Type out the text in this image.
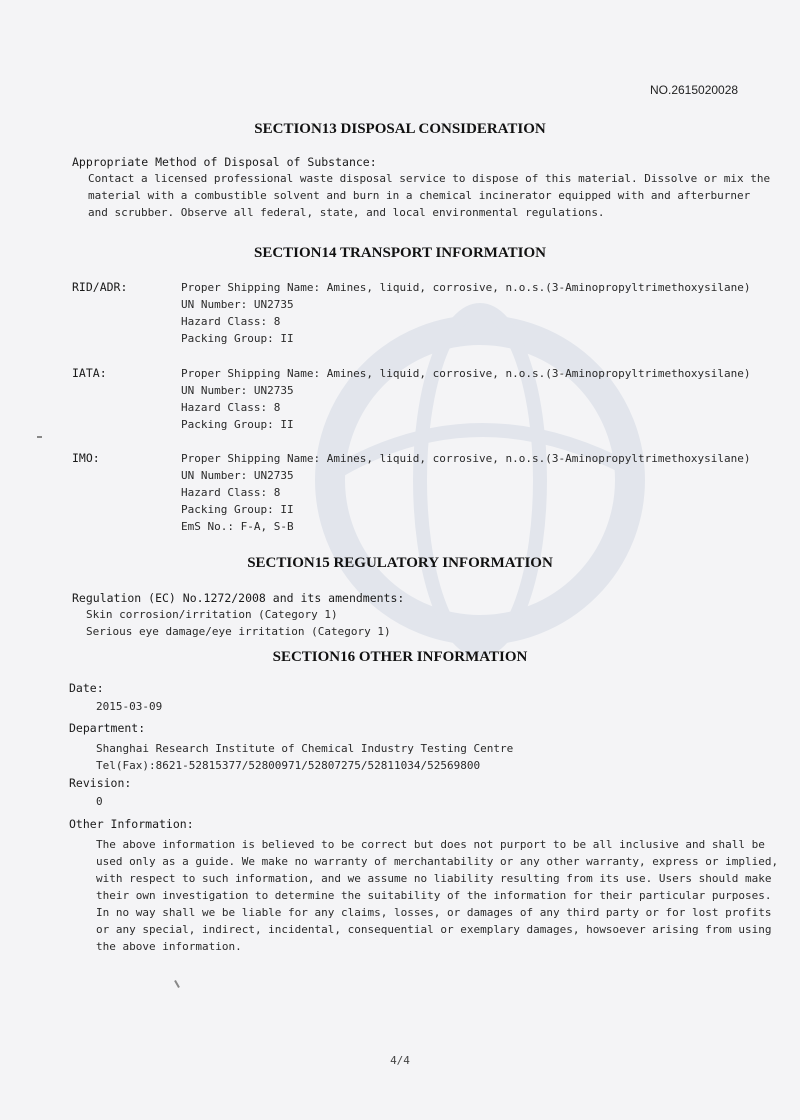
NO.2615020028
SECTION13 DISPOSAL CONSIDERATION
Appropriate Method of Disposal of Substance:
Contact a licensed professional waste disposal service to dispose of this material. Dissolve or mix the
material with a combustible solvent and burn in a chemical incinerator equipped with and afterburner
and scrubber. Observe all federal, state, and local environmental regulations.
SECTION14 TRANSPORT INFORMATION
RID/ADR:	Proper Shipping Name: Amines, liquid, corrosive, n.o.s.(3-Aminopropyltrimethoxysilane)
UN Number: UN2735
Hazard Class: 8
Packing Group: II
IATA:	Proper Shipping Name: Amines, liquid, corrosive, n.o.s.(3-Aminopropyltrimethoxysilane)
UN Number: UN2735
Hazard Class: 8
Packing Group: II
IMO:	Proper Shipping Name: Amines, liquid, corrosive, n.o.s.(3-Aminopropyltrimethoxysilane)
UN Number: UN2735
Hazard Class: 8
Packing Group: II
EmS No.: F-A, S-B
SECTION15 REGULATORY INFORMATION
Regulation (EC) No.1272/2008 and its amendments:
Skin corrosion/irritation (Category 1)
Serious eye damage/eye irritation (Category 1)
SECTION16 OTHER INFORMATION
Date:
2015-03-09
Department:
Shanghai Research Institute of Chemical Industry Testing Centre
Tel(Fax):8621-52815377/52800971/52807275/52811034/52569800
Revision:
0
Other Information:
The above information is believed to be correct but does not purport to be all inclusive and shall be
used only as a guide. We make no warranty of merchantability or any other warranty, express or implied,
with respect to such information, and we assume no liability resulting from its use. Users should make
their own investigation to determine the suitability of the information for their particular purposes.
In no way shall we be liable for any claims, losses, or damages of any third party or for lost profits
or any special, indirect, incidental, consequential or exemplary damages, howsoever arising from using
the above information.
4/4
